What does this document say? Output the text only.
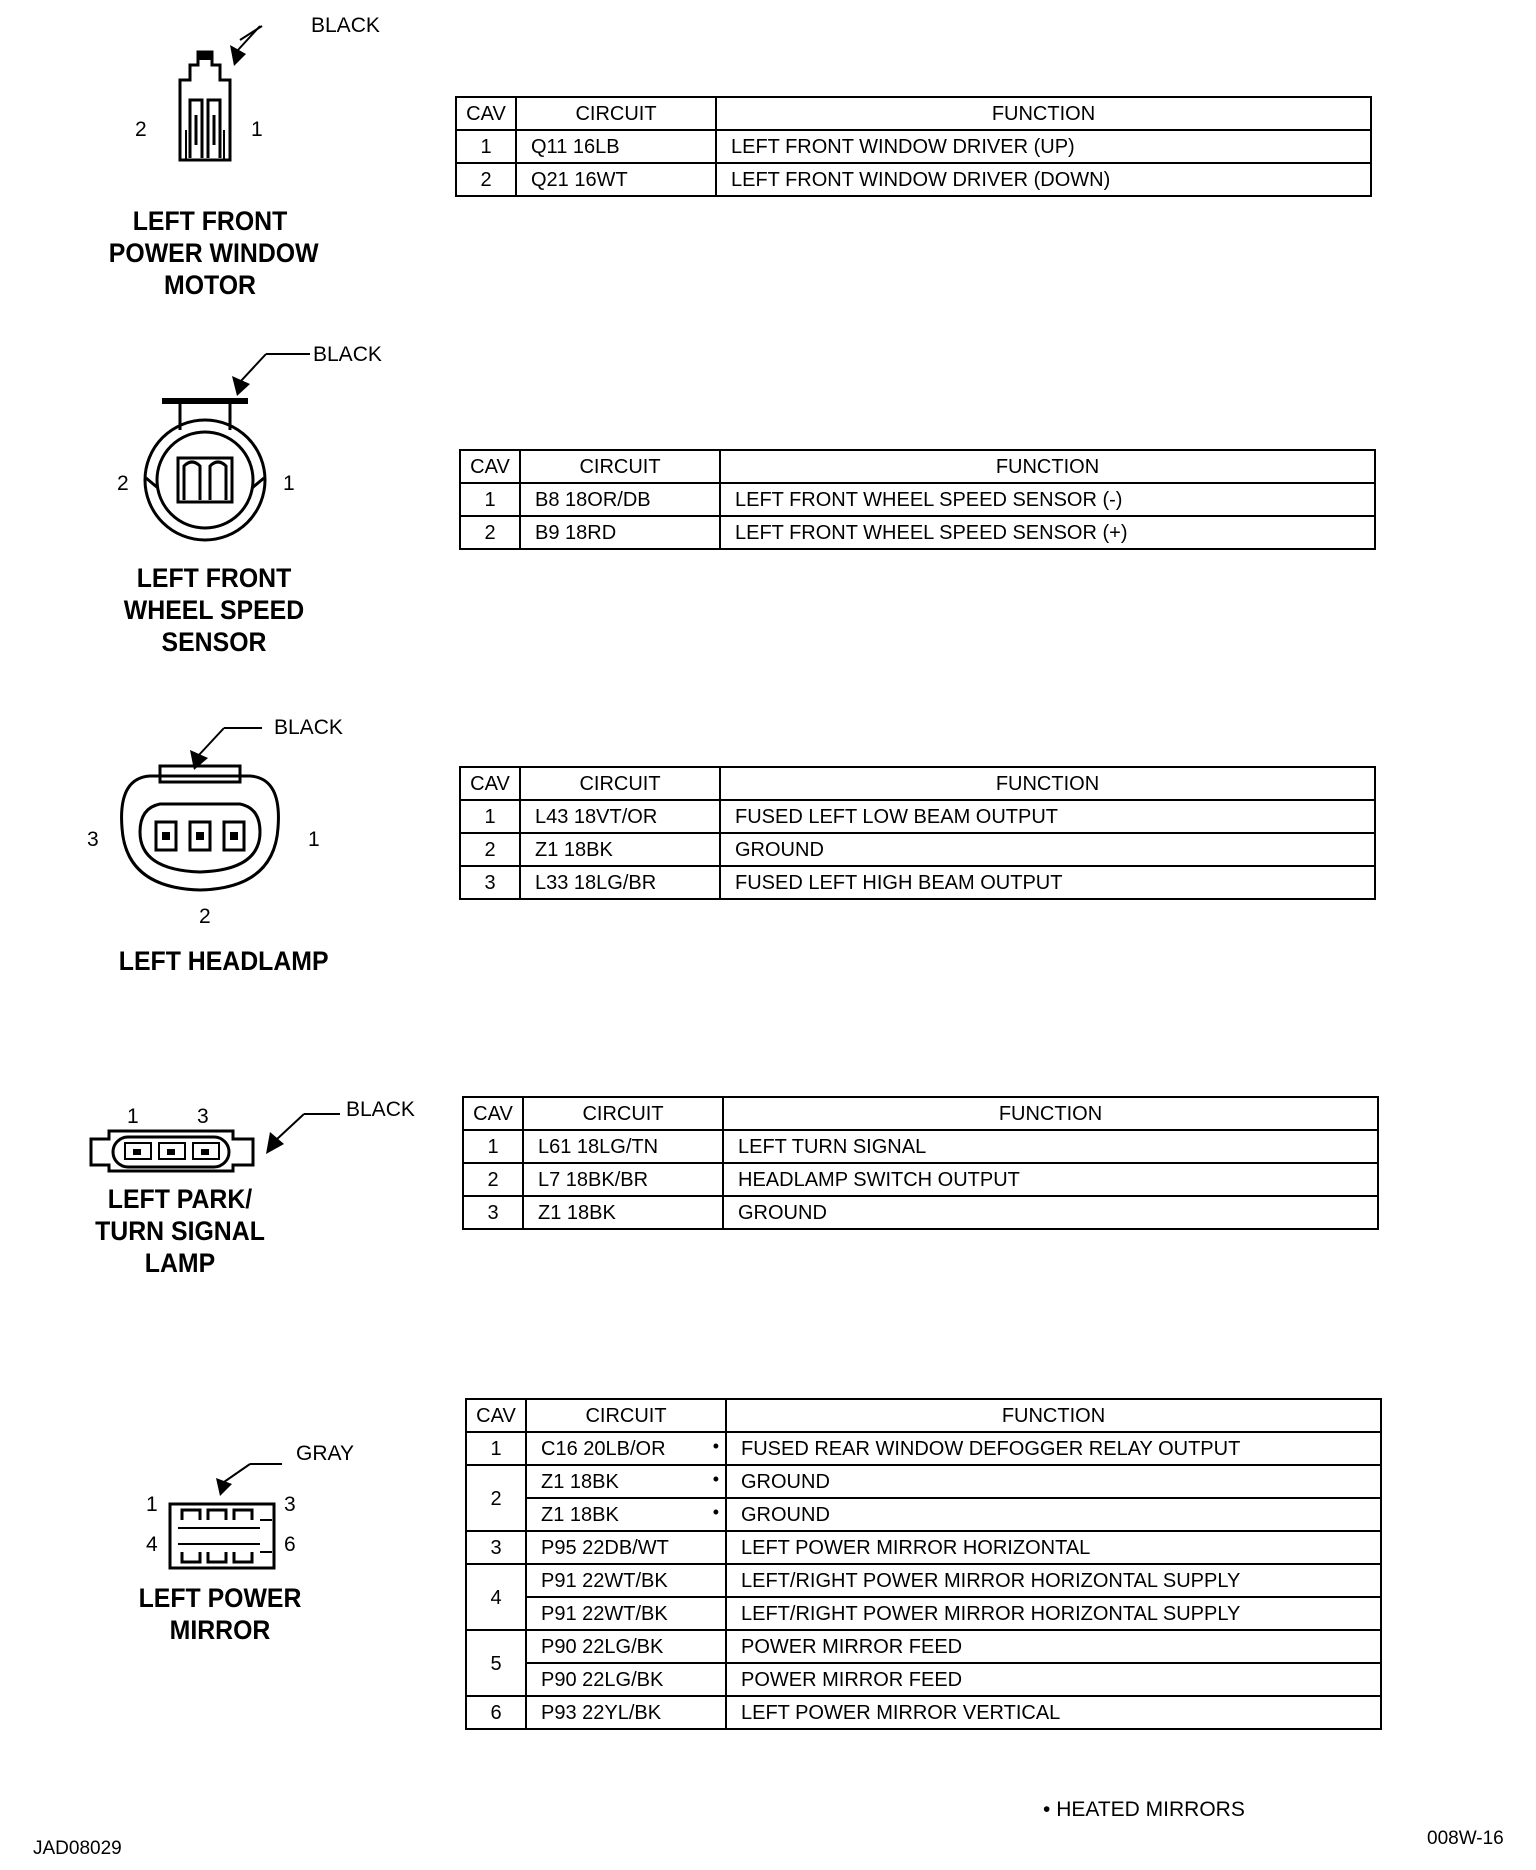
BLACK
2	1
LEFT FRONT
POWER WINDOW
MOTOR
CAV	CIRCUIT	FUNCTION
1	Q11 16LB	LEFT FRONT WINDOW DRIVER (UP)
2	Q21 16WT	LEFT FRONT WINDOW DRIVER (DOWN)
BLACK
2	1
LEFT FRONT
WHEEL SPEED
SENSOR
CAV	CIRCUIT	FUNCTION
1	B8 18OR/DB	LEFT FRONT WHEEL SPEED SENSOR (-)
2	B9 18RD	LEFT FRONT WHEEL SPEED SENSOR (+)
BLACK
3	1
2
LEFT HEADLAMP
CAV	CIRCUIT	FUNCTION
1	L43 18VT/OR	FUSED LEFT LOW BEAM OUTPUT
2	Z1 18BK	GROUND
3	L33 18LG/BR	FUSED LEFT HIGH BEAM OUTPUT
BLACK
1	3
LEFT PARK/
TURN SIGNAL
LAMP
CAV	CIRCUIT	FUNCTION
1	L61 18LG/TN	LEFT TURN SIGNAL
2	L7 18BK/BR	HEADLAMP SWITCH OUTPUT
3	Z1 18BK	GROUND
GRAY
1	3
4	6
LEFT POWER
MIRROR
CAV	CIRCUIT	FUNCTION
1	C16 20LB/OR •	FUSED REAR WINDOW DEFOGGER RELAY OUTPUT
2	Z1 18BK •	GROUND
	Z1 18BK •	GROUND
3	P95 22DB/WT	LEFT POWER MIRROR HORIZONTAL
4	P91 22WT/BK	LEFT/RIGHT POWER MIRROR HORIZONTAL SUPPLY
	P91 22WT/BK	LEFT/RIGHT POWER MIRROR HORIZONTAL SUPPLY
5	P90 22LG/BK	POWER MIRROR FEED
	P90 22LG/BK	POWER MIRROR FEED
6	P93 22YL/BK	LEFT POWER MIRROR VERTICAL
• HEATED MIRRORS
JAD08029	008W-16
